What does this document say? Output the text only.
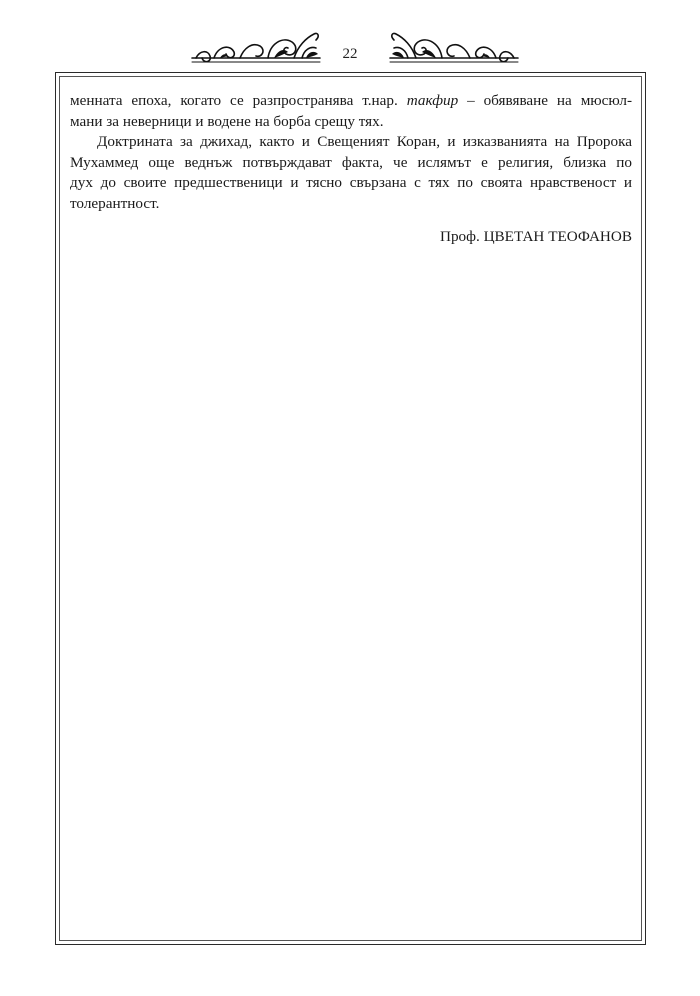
22
менната епоха, когато се разпространява т.нар. такфир – обявяване на мюсюл-
мани за неверници и водене на борба срещу тях.
Доктрината за джихад, както и Свещеният Коран, и изказванията на Пророка
Мухаммед още веднъж потвърждават факта, че ислямът е религия, близка по
дух до своите предшественици и тясно свързана с тях по своята нравственост и
толерантност.
Проф. ЦВЕТАН ТЕОФАНОВ
